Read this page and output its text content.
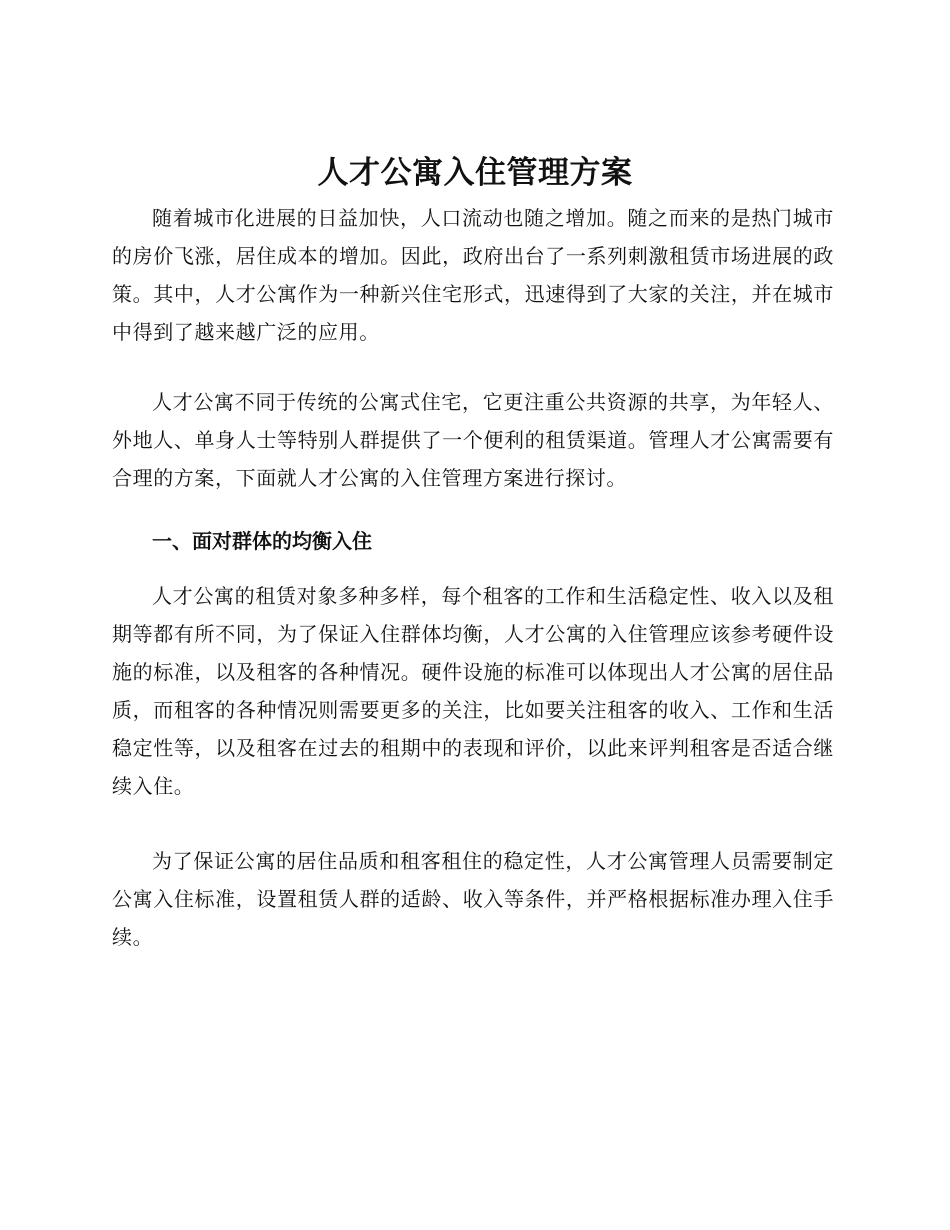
人才公寓入住管理方案

随着城市化进展的日益加快，人口流动也随之增加。随之而来的是热门城市的房价飞涨，居住成本的增加。因此，政府出台了一系列刺激租赁市场进展的政策。其中，人才公寓作为一种新兴住宅形式，迅速得到了大家的关注，并在城市中得到了越来越广泛的应用。

人才公寓不同于传统的公寓式住宅，它更注重公共资源的共享，为年轻人、外地人、单身人士等特别人群提供了一个便利的租赁渠道。管理人才公寓需要有合理的方案，下面就人才公寓的入住管理方案进行探讨。

一、面对群体的均衡入住

人才公寓的租赁对象多种多样，每个租客的工作和生活稳定性、收入以及租期等都有所不同，为了保证入住群体均衡，人才公寓的入住管理应该参考硬件设施的标准，以及租客的各种情况。硬件设施的标准可以体现出人才公寓的居住品质，而租客的各种情况则需要更多的关注，比如要关注租客的收入、工作和生活稳定性等，以及租客在过去的租期中的表现和评价，以此来评判租客是否适合继续入住。

为了保证公寓的居住品质和租客租住的稳定性，人才公寓管理人员需要制定公寓入住标准，设置租赁人群的适龄、收入等条件，并严格根据标准办理入住手续。
